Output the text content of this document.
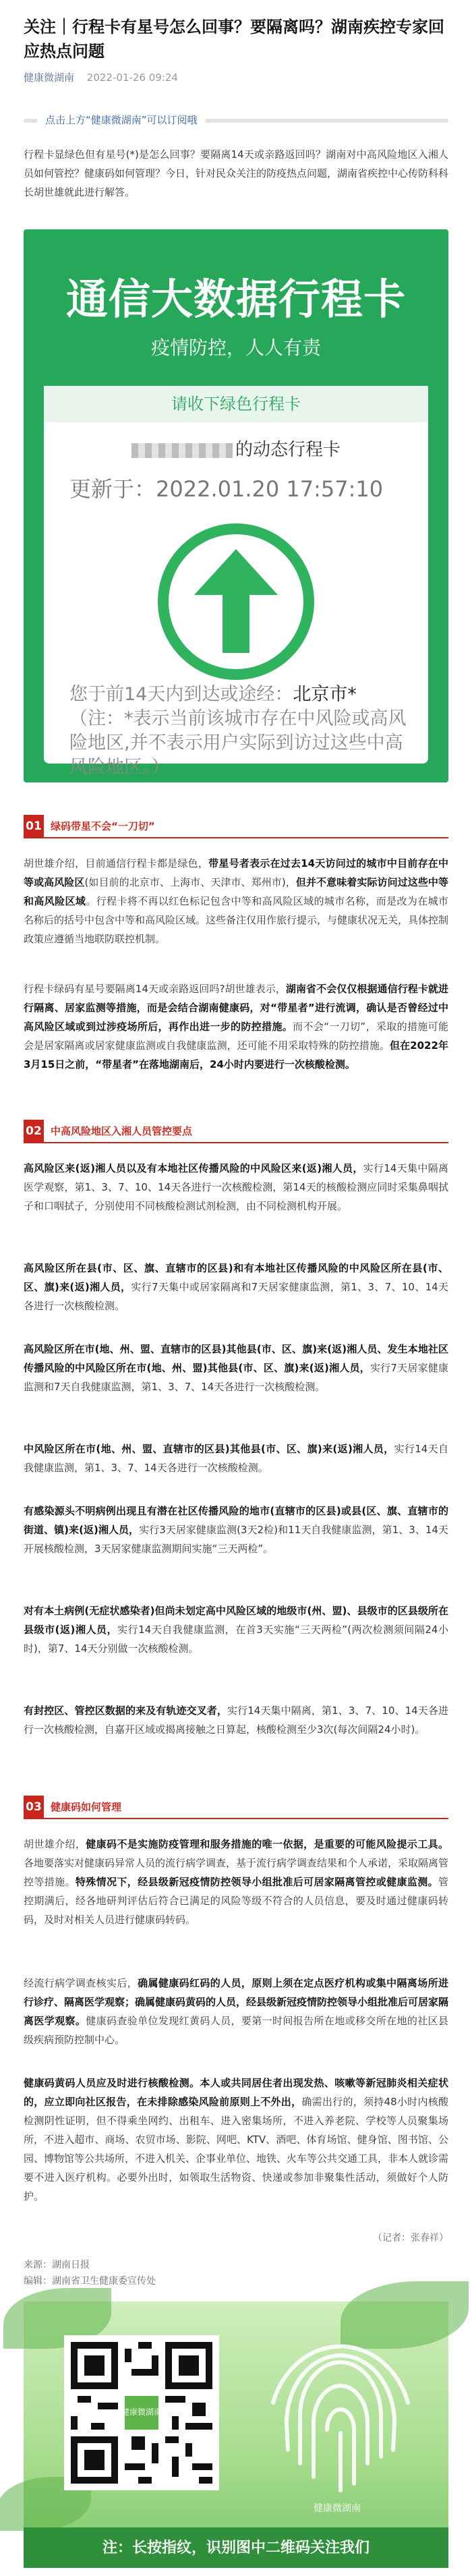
关注｜行程卡有星号怎么回事？要隔离吗？湖南疾控专家回应热点问题
健康微湖南 2022-01-26 09:24
点击上方“健康微湖南”可以订阅哦

行程卡显绿色但有星号(*)是怎么回事？要隔离14天或亲路返回吗？湖南对中高风险地区入湘人员如何管控？健康码如何管理？今日，针对民众关注的防疫热点问题，湖南省疾控中心传防科科长胡世雄就此进行解答。

通信大数据行程卡
疫情防控，人人有责
请收下绿色行程卡
的动态行程卡
更新于：2022.01.20 17:57:10
您于前14天内到达或途经：北京市*
（注：*表示当前该城市存在中风险或高风险地区,并不表示用户实际到访过这些中高风险地区。）
01 绿码带星不会“一刀切”

胡世雄介绍，目前通信行程卡都是绿色，带星号者表示在过去14天访问过的城市中目前存在中等或高风险区(如目前的北京市、上海市、天津市、郑州市)，但并不意味着实际访问过这些中等和高风险区域。行程卡将不再以红色标记包含中等和高风险区域的城市名称，而是改为在城市名称后的括号中包含中等和高风险区域。这些备注仅用作旅行提示，与健康状况无关，具体控制政策应遵循当地联防联控机制。

行程卡绿码有星号要隔离14天或亲路返回吗?胡世雄表示，湖南省不会仅仅根据通信行程卡就进行隔离、居家监测等措施，而是会结合湖南健康码，对“带星者”进行流调，确认是否曾经过中高风险区域或到过涉疫场所后，再作出进一步的防控措施。而不会“一刀切”，采取的措施可能会是居家隔离或居家健康监测或自我健康监测，还可能不用采取特殊的防控措施。但在2022年3月15日之前，“带星者”在落地湖南后，24小时内要进行一次核酸检测。

02 中高风险地区入湘人员管控要点

高风险区来(返)湘人员以及有本地社区传播风险的中风险区来(返)湘人员，实行14天集中隔离医学观察，第1、3、7、10、14天各进行一次核酸检测，第14天的核酸检测应同时采集鼻咽拭子和口咽拭子，分别使用不同核酸检测试剂检测，由不同检测机构开展。

高风险区所在县(市、区、旗、直辖市的区县)和有本地社区传播风险的中风险区所在县(市、区、旗)来(返)湘人员，实行7天集中或居家隔离和7天居家健康监测，第1、3、7、10、14天各进行一次核酸检测。

高风险区所在市(地、州、盟、直辖市的区县)其他县(市、区、旗)来(返)湘人员、发生本地社区传播风险的中风险区所在市(地、州、盟)其他县(市、区、旗)来(返)湘人员，实行7天居家健康监测和7天自我健康监测，第1、3、7、14天各进行一次核酸检测。

中风险区所在市(地、州、盟、直辖市的区县)其他县(市、区、旗)来(返)湘人员，实行14天自我健康监测，第1、3、7、14天各进行一次核酸检测。

有感染源头不明病例出现且有潜在社区传播风险的地市(直辖市的区县)或县(区、旗、直辖市的街道、镇)来(返)湘人员，实行3天居家健康监测(3天2检)和11天自我健康监测，第1、3、14天开展核酸检测，3天居家健康监测期间实施“三天两检”。

对有本土病例(无症状感染者)但尚未划定高中风险区域的地级市(州、盟)、县级市的区县级所在县级市(返)湘人员，实行14天自我健康监测，在首3天实施“三天两检”(两次检测须间隔24小时)，第7、14天分别做一次核酸检测。

有封控区、管控区数据的来及有轨迹交叉者，实行14天集中隔离，第1、3、7、10、14天各进行一次核酸检测，自嘉开区域或揭离接触之日算起，核酸检测至少3次(每次间隔24小时)。

03 健康码如何管理

胡世雄介绍，健康码不是实施防疫管理和服务措施的唯一依据，是重要的可能风险提示工具。各地要落实对健康码异常人员的流行病学调查，基于流行病学调查结果和个人承诺，采取隔离管控等措施。特殊情况下，经县级新冠疫情防控领导小组批准后可居家隔离管控或健康监测。管控期满后，经各地研判评估后符合已满足的风险等级不符合的人员信息，要及时通过健康码转码，及时对相关人员进行健康码转码。

经流行病学调查核实后，确属健康码红码的人员，原则上须在定点医疗机构或集中隔离场所进行诊疗、隔离医学观察；确属健康码黄码的人员，经县级新冠疫情防控领导小组批准后可居家隔离医学观察。健康码查验单位发现红黄码人员，要第一时间报告所在地或移交所在地的社区县级疾病预防控制中心。

健康码黄码人员应及时进行核酸检测。本人或共同居住者出现发热、咳嗽等新冠肺炎相关症状的，应立即向社区报告，在未排除感染风险前原则上不外出，确需出行的，须持48小时内核酸检测阴性证明，但不得乘坐网约、出租车、进入密集场所，不进入养老院、学校等人员聚集场所，不进入超市、商场、农贸市场、影院、网吧、KTV、酒吧、体育场馆、健身馆、图书馆、公园、博物馆等公共场所，不进入机关、企事业单位、地铁、火车等公共交通工具，非本人就诊需要不进入医疗机构。必要外出时，如领取生活物资、快递或参加非聚集性活动，须做好个人防护。

（记者：张春祥）
来源：湖南日报
编辑：湖南省卫生健康委宣传处
健康微湖南
健康微湖南
注：长按指纹，识别图中二维码关注我们
